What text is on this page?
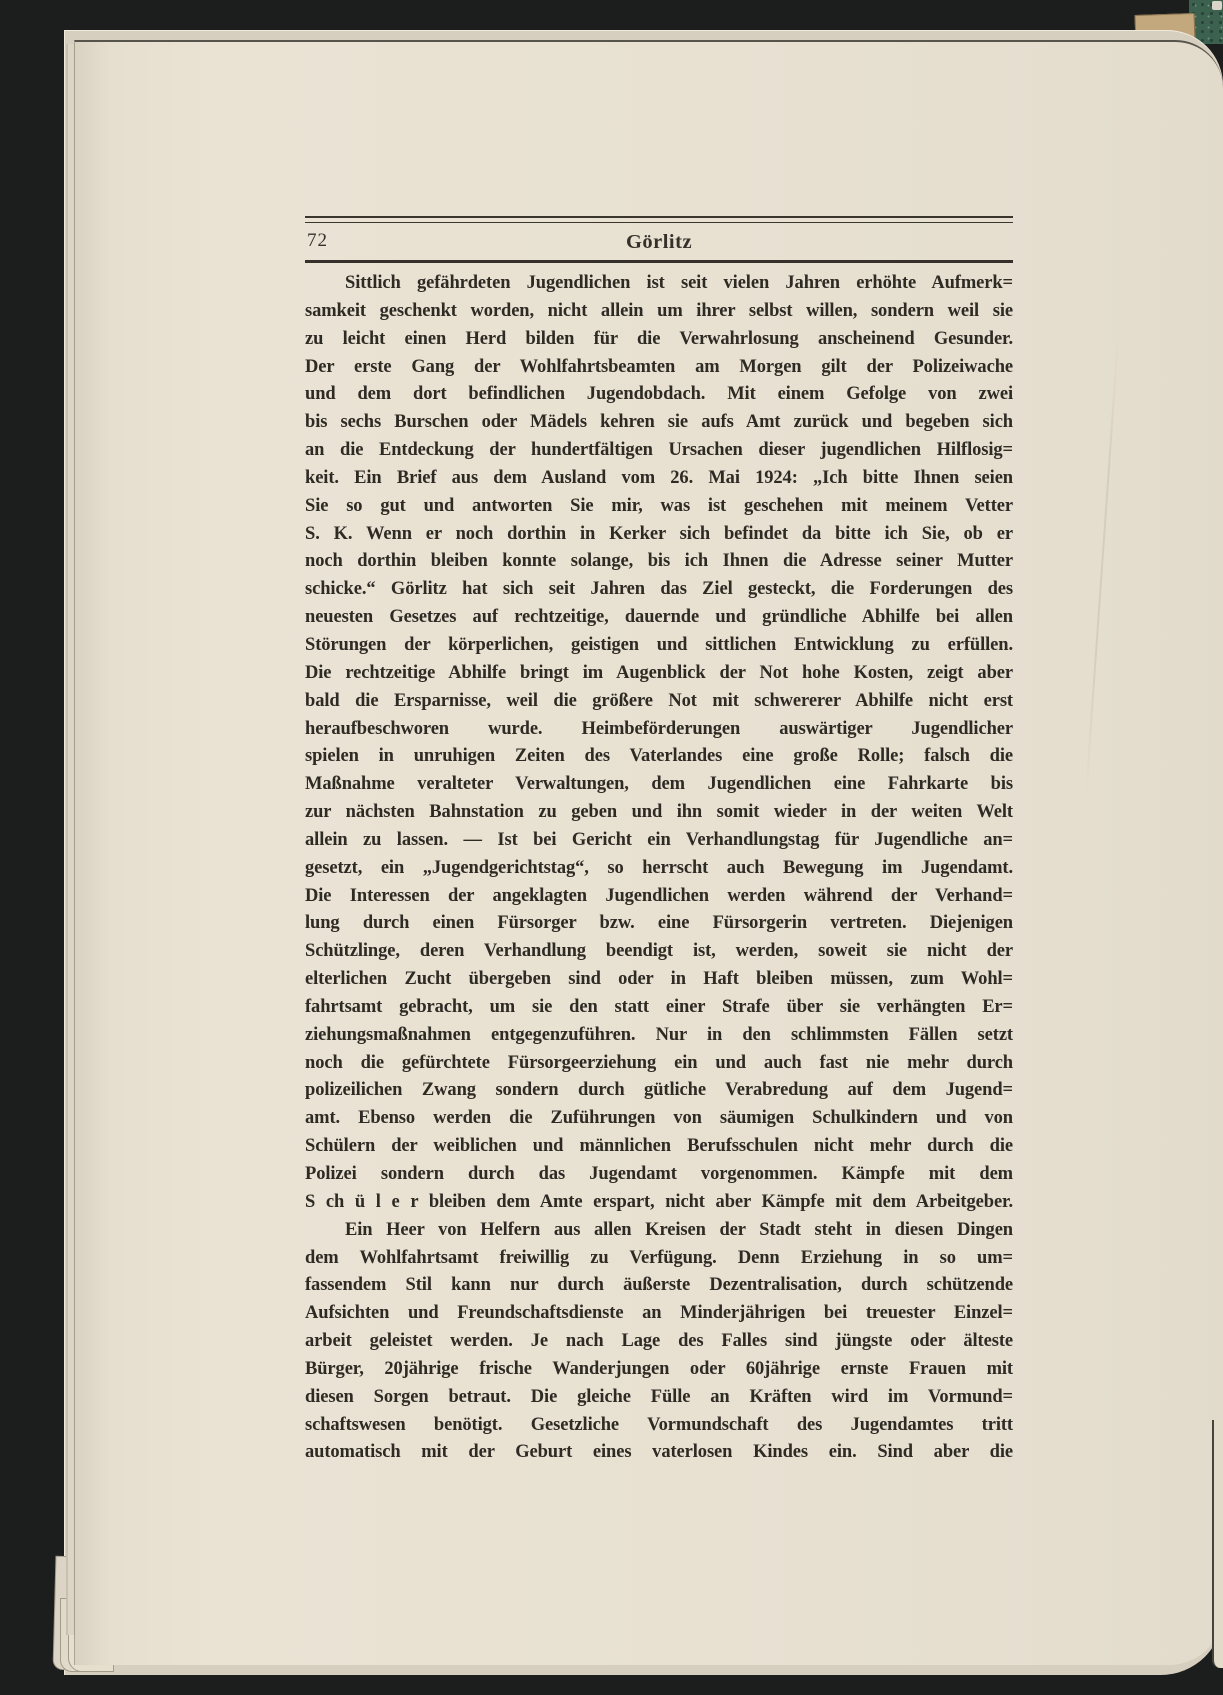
72	Görlitz
Sittlich gefährdeten Jugendlichen ist seit vielen Jahren erhöhte Aufmerk=
samkeit geschenkt worden, nicht allein um ihrer selbst willen, sondern weil sie
zu leicht einen Herd bilden für die Verwahrlosung anscheinend Gesunder.
Der erste Gang der Wohlfahrtsbeamten am Morgen gilt der Polizeiwache
und dem dort befindlichen Jugendobdach. Mit einem Gefolge von zwei
bis sechs Burschen oder Mädels kehren sie aufs Amt zurück und begeben sich
an die Entdeckung der hundertfältigen Ursachen dieser jugendlichen Hilflosig=
keit. Ein Brief aus dem Ausland vom 26. Mai 1924: „Ich bitte Ihnen seien
Sie so gut und antworten Sie mir, was ist geschehen mit meinem Vetter
S. K. Wenn er noch dorthin in Kerker sich befindet da bitte ich Sie, ob er
noch dorthin bleiben konnte solange, bis ich Ihnen die Adresse seiner Mutter
schicke.“ Görlitz hat sich seit Jahren das Ziel gesteckt, die Forderungen des
neuesten Gesetzes auf rechtzeitige, dauernde und gründliche Abhilfe bei allen
Störungen der körperlichen, geistigen und sittlichen Entwicklung zu erfüllen.
Die rechtzeitige Abhilfe bringt im Augenblick der Not hohe Kosten, zeigt aber
bald die Ersparnisse, weil die größere Not mit schwererer Abhilfe nicht erst
heraufbeschworen wurde. Heimbeförderungen auswärtiger Jugendlicher
spielen in unruhigen Zeiten des Vaterlandes eine große Rolle; falsch die
Maßnahme veralteter Verwaltungen, dem Jugendlichen eine Fahrkarte bis
zur nächsten Bahnstation zu geben und ihn somit wieder in der weiten Welt
allein zu lassen. — Ist bei Gericht ein Verhandlungstag für Jugendliche an=
gesetzt, ein „Jugendgerichtstag“, so herrscht auch Bewegung im Jugendamt.
Die Interessen der angeklagten Jugendlichen werden während der Verhand=
lung durch einen Fürsorger bzw. eine Fürsorgerin vertreten. Diejenigen
Schützlinge, deren Verhandlung beendigt ist, werden, soweit sie nicht der
elterlichen Zucht übergeben sind oder in Haft bleiben müssen, zum Wohl=
fahrtsamt gebracht, um sie den statt einer Strafe über sie verhängten Er=
ziehungsmaßnahmen entgegenzuführen. Nur in den schlimmsten Fällen setzt
noch die gefürchtete Fürsorgeerziehung ein und auch fast nie mehr durch
polizeilichen Zwang sondern durch gütliche Verabredung auf dem Jugend=
amt. Ebenso werden die Zuführungen von säumigen Schulkindern und von
Schülern der weiblichen und männlichen Berufsschulen nicht mehr durch die
Polizei sondern durch das Jugendamt vorgenommen. Kämpfe mit dem
S ch ü l e r bleiben dem Amte erspart, nicht aber Kämpfe mit dem Arbeitgeber.
Ein Heer von Helfern aus allen Kreisen der Stadt steht in diesen Dingen
dem Wohlfahrtsamt freiwillig zu Verfügung. Denn Erziehung in so um=
fassendem Stil kann nur durch äußerste Dezentralisation, durch schützende
Aufsichten und Freundschaftsdienste an Minderjährigen bei treuester Einzel=
arbeit geleistet werden. Je nach Lage des Falles sind jüngste oder älteste
Bürger, 20jährige frische Wanderjungen oder 60jährige ernste Frauen mit
diesen Sorgen betraut. Die gleiche Fülle an Kräften wird im Vormund=
schaftswesen benötigt. Gesetzliche Vormundschaft des Jugendamtes tritt
automatisch mit der Geburt eines vaterlosen Kindes ein. Sind aber die
